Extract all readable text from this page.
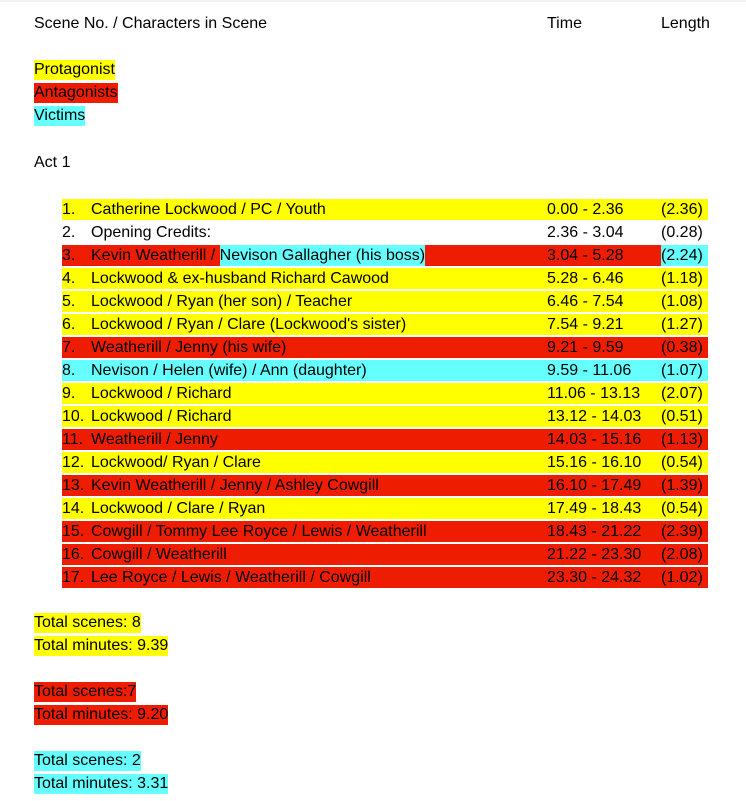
Scene No. / Characters in Scene	Time	Length
Protagonist
Antagonists
Victims
Act 1
1. Catherine Lockwood / PC / Youth	0.00 - 2.36 (2.36)
2. Opening Credits:	2.36 - 3.04 (0.28)
3. Kevin Weatherill / Nevison Gallagher (his boss)	3.04 - 5.28 (2.24)
4. Lockwood & ex-husband Richard Cawood	5.28 - 6.46 (1.18)
5. Lockwood / Ryan (her son) / Teacher	6.46 - 7.54 (1.08)
6. Lockwood / Ryan / Clare (Lockwood's sister)	7.54 - 9.21 (1.27)
7. Weatherill / Jenny (his wife)	9.21 - 9.59 (0.38)
8. Nevison / Helen (wife) / Ann (daughter)	9.59 - 11.06 (1.07)
9. Lockwood / Richard	11.06 - 13.13 (2.07)
10. Lockwood / Richard	13.12 - 14.03 (0.51)
11. Weatherill / Jenny	14.03 - 15.16 (1.13)
12. Lockwood/ Ryan / Clare	15.16 - 16.10 (0.54)
13. Kevin Weatherill / Jenny / Ashley Cowgill	16.10 - 17.49 (1.39)
14. Lockwood / Clare / Ryan	17.49 - 18.43 (0.54)
15. Cowgill / Tommy Lee Royce / Lewis / Weatherill	18.43 - 21.22 (2.39)
16. Cowgill / Weatherill	21.22 - 23.30 (2.08)
17. Lee Royce / Lewis / Weatherill / Cowgill	23.30 - 24.32 (1.02)
Total scenes: 8
Total minutes: 9.39
Total scenes:7
Total minutes: 9.20
Total scenes: 2
Total minutes: 3.31
